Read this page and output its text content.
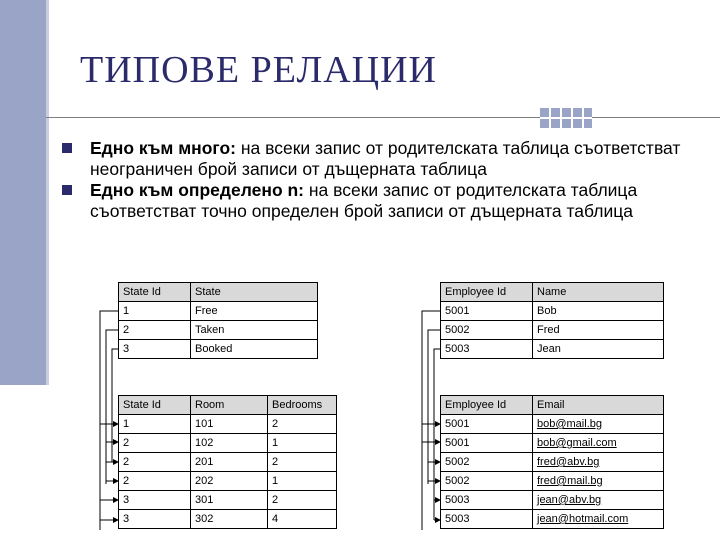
ТИПОВЕ РЕЛАЦИИ
Едно към много: на всеки запис от родителската таблица съответстват неограничен брой записи от дъщерната таблица
Едно към определено n: на всеки запис от родителската таблица съответстват точно определен брой записи от дъщерната таблица
State Id	State
1	Free
2	Taken
3	Booked
State Id	Room	Bedrooms
1	101	2
2	102	1
2	201	2
2	202	1
3	301	2
3	302	4
Employee Id	Name
5001	Bob
5002	Fred
5003	Jean
Employee Id	Email
5001	bob@mail.bg
5001	bob@gmail.com
5002	fred@abv.bg
5002	fred@mail.bg
5003	jean@abv.bg
5003	jean@hotmail.com
